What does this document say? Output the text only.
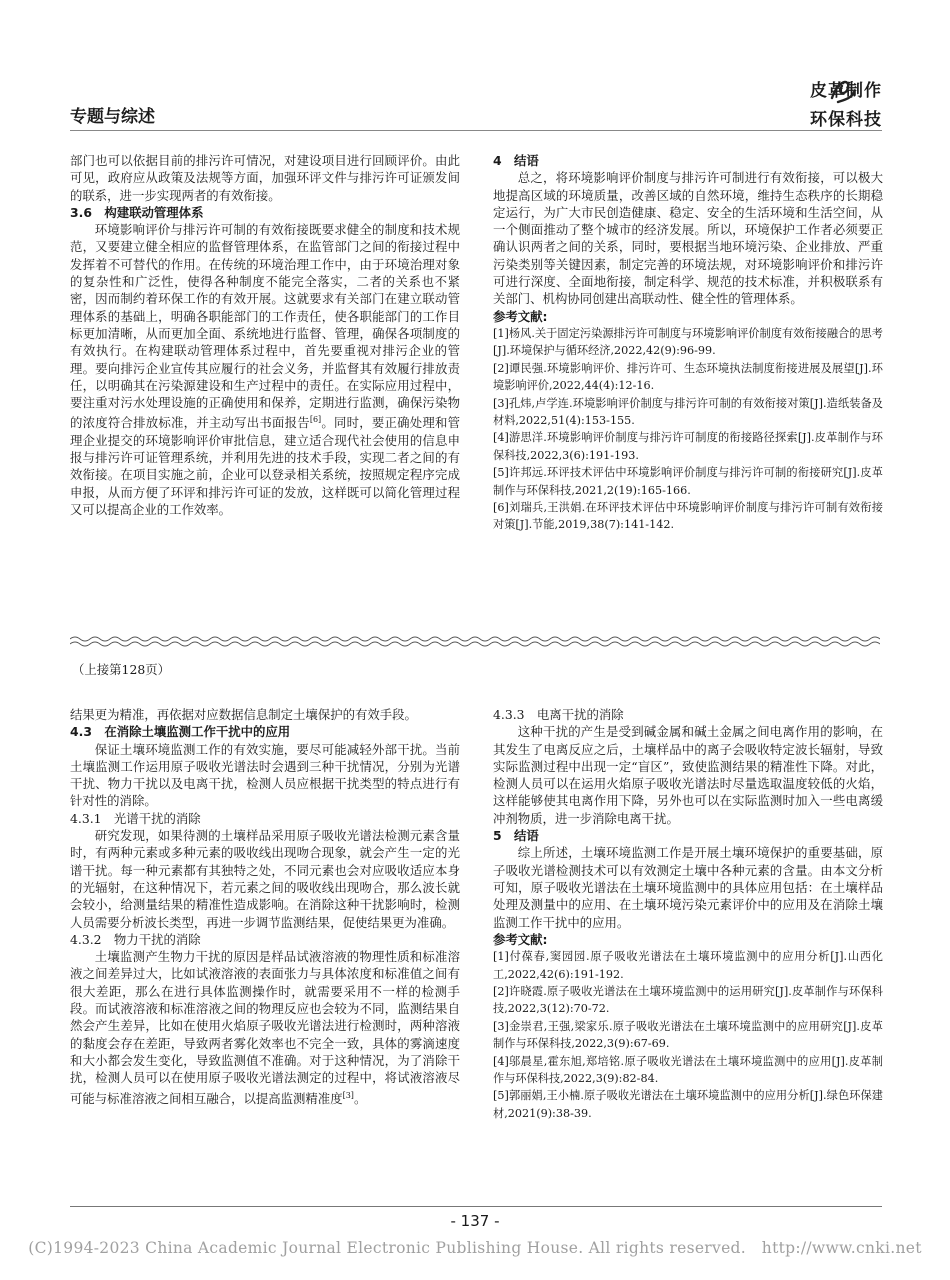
专题与综述
皮革制作
环保科技

部门也可以依据目前的排污许可情况，对建设项目进行回顾评价。由此可见，政府应从政策及法规等方面，加强环评文件与排污许可证颁发间的联系，进一步实现两者的有效衔接。

3.6　构建联动管理体系

环境影响评价与排污许可制的有效衔接既要求健全的制度和技术规范，又要建立健全相应的监督管理体系，在监管部门之间的衔接过程中发挥着不可替代的作用。在传统的环境治理工作中，由于环境治理对象的复杂性和广泛性，使得各种制度不能完全落实，二者的关系也不紧密，因而制约着环保工作的有效开展。这就要求有关部门在建立联动管理体系的基础上，明确各职能部门的工作责任，使各职能部门的工作目标更加清晰，从而更加全面、系统地进行监督、管理，确保各项制度的有效执行。在构建联动管理体系过程中，首先要重视对排污企业的管理。要向排污企业宣传其应履行的社会义务，并监督其有效履行排放责任，以明确其在污染源建设和生产过程中的责任。在实际应用过程中，要注重对污水处理设施的正确使用和保养，定期进行监测，确保污染物的浓度符合排放标准，并主动写出书面报告[6]。同时，要正确处理和管理企业提交的环境影响评价审批信息，建立适合现代社会使用的信息申报与排污许可证管理系统，并利用先进的技术手段，实现二者之间的有效衔接。在项目实施之前，企业可以登录相关系统，按照规定程序完成申报，从而方便了环评和排污许可证的发放，这样既可以简化管理过程又可以提高企业的工作效率。

4　结语

总之，将环境影响评价制度与排污许可制进行有效衔接，可以极大地提高区域的环境质量，改善区域的自然环境，维持生态秩序的长期稳定运行，为广大市民创造健康、稳定、安全的生活环境和生活空间，从一个侧面推动了整个城市的经济发展。所以，环境保护工作者必须要正确认识两者之间的关系，同时，要根据当地环境污染、企业排放、严重污染类别等关键因素，制定完善的环境法规，对环境影响评价和排污许可进行深度、全面地衔接，制定科学、规范的技术标准，并积极联系有关部门、机构协同创建出高联动性、健全性的管理体系。

参考文献:
[1]杨风.关于固定污染源排污许可制度与环境影响评价制度有效衔接融合的思考[J].环境保护与循环经济,2022,42(9):96-99.
[2]谭民强.环境影响评价、排污许可、生态环境执法制度衔接进展及展望[J].环境影响评价,2022,44(4):12-16.
[3]孔炜,卢学连.环境影响评价制度与排污许可制的有效衔接对策[J].造纸装备及材料,2022,51(4):153-155.
[4]游思洋.环境影响评价制度与排污许可制度的衔接路径探索[J].皮革制作与环保科技,2022,3(6):191-193.
[5]许邦远.环评技术评估中环境影响评价制度与排污许可制的衔接研究[J].皮革制作与环保科技,2021,2(19):165-166.
[6]刘瑞兵,王洪娟.在环评技术评估中环境影响评价制度与排污许可制有效衔接对策[J].节能,2019,38(7):141-142.
（上接第128页）

结果更为精准，再依据对应数据信息制定土壤保护的有效手段。

4.3　在消除土壤监测工作干扰中的应用

保证土壤环境监测工作的有效实施，要尽可能减轻外部干扰。当前土壤监测工作运用原子吸收光谱法时会遇到三种干扰情况，分别为光谱干扰、物力干扰以及电离干扰，检测人员应根据干扰类型的特点进行有针对性的消除。

4.3.1　光谱干扰的消除

研究发现，如果待测的土壤样品采用原子吸收光谱法检测元素含量时，有两种元素或多种元素的吸收线出现吻合现象，就会产生一定的光谱干扰。每一种元素都有其独特之处，不同元素也会对应吸收适应本身的光辐射，在这种情况下，若元素之间的吸收线出现吻合，那么波长就会较小，给测量结果的精准性造成影响。在消除这种干扰影响时，检测人员需要分析波长类型，再进一步调节监测结果，促使结果更为准确。

4.3.2　物力干扰的消除

土壤监测产生物力干扰的原因是样品试液溶液的物理性质和标准溶液之间差异过大，比如试液溶液的表面张力与具体浓度和标准值之间有很大差距，那么在进行具体监测操作时，就需要采用不一样的检测手段。而试液溶液和标准溶液之间的物理反应也会较为不同，监测结果自然会产生差异，比如在使用火焰原子吸收光谱法进行检测时，两种溶液的黏度会存在差距，导致两者雾化效率也不完全一致，具体的雾滴速度和大小都会发生变化，导致监测值不准确。对于这种情况，为了消除干扰，检测人员可以在使用原子吸收光谱法测定的过程中，将试液溶液尽可能与标准溶液之间相互融合，以提高监测精准度[3]。

4.3.3　电离干扰的消除

这种干扰的产生是受到碱金属和碱土金属之间电离作用的影响，在其发生了电离反应之后，土壤样品中的离子会吸收特定波长辐射，导致实际监测过程中出现一定“盲区”，致使监测结果的精准性下降。对此，检测人员可以在运用火焰原子吸收光谱法时尽量选取温度较低的火焰，这样能够使其电离作用下降，另外也可以在实际监测时加入一些电离缓冲剂物质，进一步消除电离干扰。

5　结语

综上所述，土壤环境监测工作是开展土壤环境保护的重要基础，原子吸收光谱检测技术可以有效测定土壤中各种元素的含量。由本文分析可知，原子吸收光谱法在土壤环境监测中的具体应用包括：在土壤样品处理及测量中的应用、在土壤环境污染元素评价中的应用及在消除土壤监测工作干扰中的应用。

参考文献:
[1]付葆春,窦园园.原子吸收光谱法在土壤环境监测中的应用分析[J].山西化工,2022,42(6):191-192.
[2]许晓霞.原子吸收光谱法在土壤环境监测中的运用研究[J].皮革制作与环保科技,2022,3(12):70-72.
[3]金崇君,王强,梁家乐.原子吸收光谱法在土壤环境监测中的应用研究[J].皮革制作与环保科技,2022,3(9):67-69.
[4]邬晨星,霍东旭,郑培铭.原子吸收光谱法在土壤环境监测中的应用[J].皮革制作与环保科技,2022,3(9):82-84.
[5]郭丽娟,王小楠.原子吸收光谱法在土壤环境监测中的应用分析[J].绿色环保建材,2021(9):38-39.
- 137 -
(C)1994-2023 China Academic Journal Electronic Publishing House. All rights reserved.　http://www.cnki.net
